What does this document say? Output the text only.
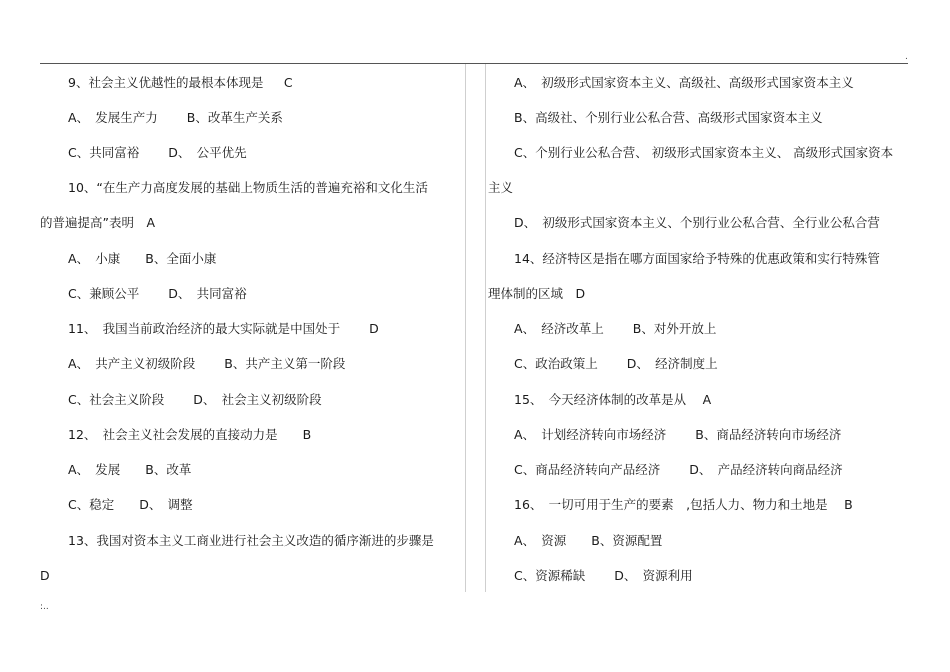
.
:..
9、社会主义优越性的最根本体现是　  C
A、　发展生产力　　 B、改革生产关系
C、共同富裕　　 D、　公平优先
10、“在生产力高度发展的基础上物质生活的普遍充裕和文化生活
的普遍提高”表明　A
A、　小康　　B、全面小康
C、兼顾公平　　 D、　共同富裕
11、　我国当前政治经济的最大实际就是中国处于　　 D
A、　共产主义初级阶段　　 B、共产主义第一阶段
C、社会主义阶段　　 D、　社会主义初级阶段
12、　社会主义社会发展的直接动力是　　B
A、　发展　　B、改革
C、稳定　　D、　调整
13、我国对资本主义工商业进行社会主义改造的循序渐进的步骤是
D
A、　初级形式国家资本主义、高级社、高级形式国家资本主义
B、高级社、个别行业公私合营、高级形式国家资本主义
C、个别行业公私合营、 初级形式国家资本主义、 高级形式国家资本
主义
D、　初级形式国家资本主义、个别行业公私合营、全行业公私合营
14、经济特区是指在哪方面国家给予特殊的优惠政策和实行特殊管
理体制的区域　D
A、　经济改革上　　 B、对外开放上
C、政治政策上　　 D、　经济制度上
15、　今天经济体制的改革是从　 A
A、　计划经济转向市场经济　　 B、商品经济转向市场经济
C、商品经济转向产品经济　　 D、　产品经济转向商品经济
16、　一切可用于生产的要素　,包括人力、物力和土地是　 B
A、　资源　　B、资源配置
C、资源稀缺　　 D、　资源利用
